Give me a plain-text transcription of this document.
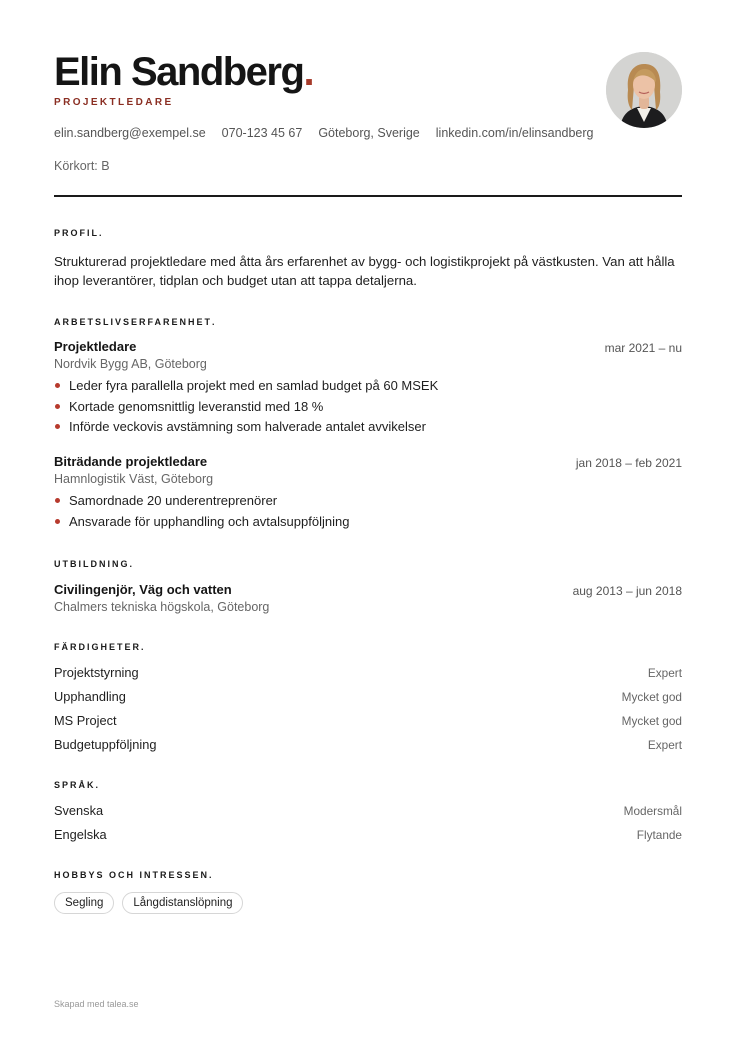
Elin Sandberg.
PROJEKTLEDARE
elin.sandberg@exempel.se 070-123 45 67 Göteborg, Sverige linkedin.com/in/elinsandberg
Körkort: B
PROFIL.
Strukturerad projektledare med åtta års erfarenhet av bygg- och logistikprojekt på västkusten. Van att hålla
ihop leverantörer, tidplan och budget utan att tappa detaljerna.
ARBETSLIVSERFARENHET.
Projektledare	mar 2021 – nu
Nordvik Bygg AB, Göteborg
Leder fyra parallella projekt med en samlad budget på 60 MSEK
Kortade genomsnittlig leveranstid med 18 %
Införde veckovis avstämning som halverade antalet avvikelser
Biträdande projektledare	jan 2018 – feb 2021
Hamnlogistik Väst, Göteborg
Samordnade 20 underentreprenörer
Ansvarade för upphandling och avtalsuppföljning
UTBILDNING.
Civilingenjör, Väg och vatten	aug 2013 – jun 2018
Chalmers tekniska högskola, Göteborg
FÄRDIGHETER.
Projektstyrning	Expert
Upphandling	Mycket god
MS Project	Mycket god
Budgetuppföljning	Expert
SPRÅK.
Svenska	Modersmål
Engelska	Flytande
HOBBYS OCH INTRESSEN.
Segling	Långdistanslöpning
Skapad med talea.se
